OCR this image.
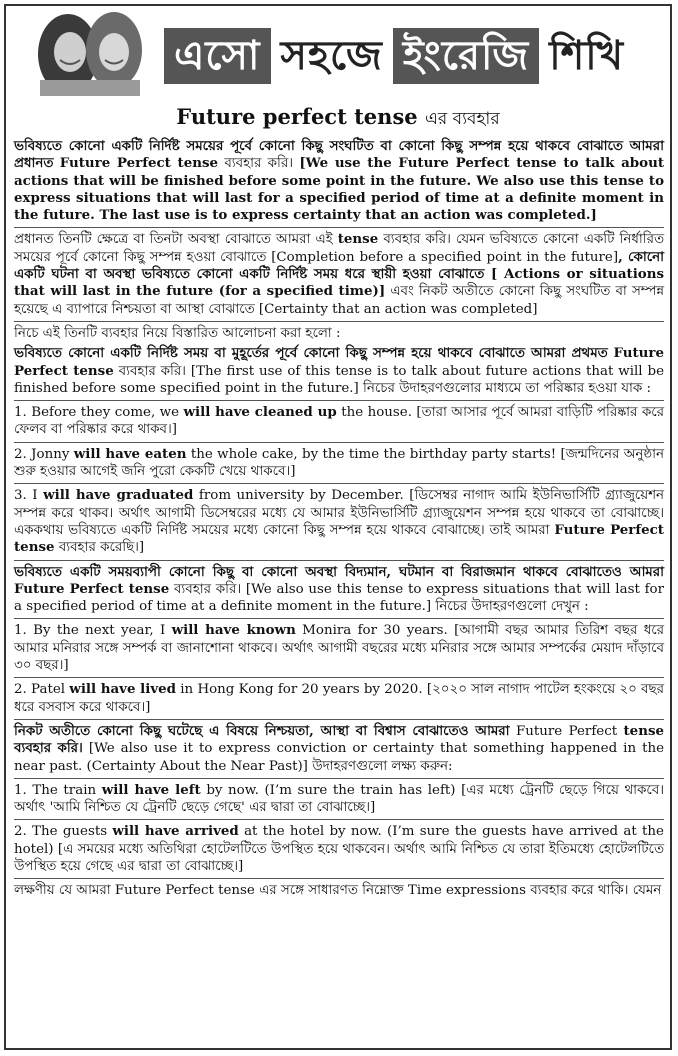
এসো সহজে ইংরেজি শিখি
Future perfect tense এর ব্যবহার

ভবিষ্যতে কোনো একটি নির্দিষ্ট সময়ের পূর্বে কোনো কিছু সংঘটিত বা কোনো কিছু সম্পন্ন হয়ে থাকবে বোঝাতে আমরা প্রধানত Future Perfect tense ব্যবহার করি। [We use the Future Perfect tense to talk about actions that will be finished before some point in the future. We also use this tense to express situations that will last for a specified period of time at a definite moment in the future. The last use is to express certainty that an action was completed.]

প্রধানত তিনটি ক্ষেত্রে বা তিনটা অবস্থা বোঝাতে আমরা এই tense ব্যবহার করি। যেমন ভবিষ্যতে কোনো একটি নির্ধারিত সময়ের পূর্বে কোনো কিছু সম্পন্ন হওয়া বোঝাতে [Completion before a specified point in the future], কোনো একটি ঘটনা বা অবস্থা ভবিষ্যতে কোনো একটি নির্দিষ্ট সময় ধরে স্থায়ী হওয়া বোঝাতে [ Actions or situations that will last in the future (for a specified time)] এবং নিকট অতীতে কোনো কিছু সংঘটিত বা সম্পন্ন হয়েছে এ ব্যাপারে নিশ্চয়তা বা আস্থা বোঝাতে [Certainty that an action was completed]

নিচে এই তিনটি ব্যবহার নিয়ে বিস্তারিত আলোচনা করা হলো :

ভবিষ্যতে কোনো একটি নির্দিষ্ট সময় বা মুহূর্তের পূর্বে কোনো কিছু সম্পন্ন হয়ে থাকবে বোঝাতে আমরা প্রথমত Future Perfect tense ব্যবহার করি। [The first use of this tense is to talk about future actions that will be finished before some specified point in the future.] নিচের উদাহরণগুলোর মাধ্যমে তা পরিষ্কার হওয়া যাক :

1. Before they come, we will have cleaned up the house. [তারা আসার পূর্বে আমরা বাড়িটি পরিষ্কার করে ফেলব বা পরিষ্কার করে থাকব।]

2. Jonny will have eaten the whole cake, by the time the birthday party starts! [জন্মদিনের অনুষ্ঠান শুরু হওয়ার আগেই জনি পুরো কেকটি খেয়ে থাকবে।]

3. I will have graduated from university by December. [ডিসেম্বর নাগাদ আমি ইউনিভার্সিটি গ্র্যাজুয়েশন সম্পন্ন করে থাকব। অর্থাৎ আগামী ডিসেম্বরের মধ্যে যে আমার ইউনিভার্সিটি গ্র্যাজুয়েশন সম্পন্ন হয়ে থাকবে তা বোঝাচ্ছে। এককথায় ভবিষ্যতে একটি নির্দিষ্ট সময়ের মধ্যে কোনো কিছু সম্পন্ন হয়ে থাকবে বোঝাচ্ছে। তাই আমরা Future Perfect tense ব্যবহার করেছি।]

ভবিষ্যতে একটি সময়ব্যাপী কোনো কিছু বা কোনো অবস্থা বিদ্যমান, ঘটমান বা বিরাজমান থাকবে বোঝাতেও আমরা Future Perfect tense ব্যবহার করি। [We also use this tense to express situations that will last for a specified period of time at a definite moment in the future.] নিচের উদাহরণগুলো দেখুন :

1. By the next year, I will have known Monira for 30 years. [আগামী বছর আমার তিরিশ বছর ধরে আমার মনিরার সঙ্গে সম্পর্ক বা জানাশোনা থাকবে। অর্থাৎ আগামী বছরের মধ্যে মনিরার সঙ্গে আমার সম্পর্কের মেয়াদ দাঁড়াবে ৩০ বছর।]

2. Patel will have lived in Hong Kong for 20 years by 2020. [২০২০ সাল নাগাদ পাটেল হংকংয়ে ২০ বছর ধরে বসবাস করে থাকবে।]

নিকট অতীতে কোনো কিছু ঘটেছে এ বিষয়ে নিশ্চয়তা, আস্থা বা বিশ্বাস বোঝাতেও আমরা Future Perfect tense ব্যবহার করি। [We also use it to express conviction or certainty that something happened in the near past. (Certainty About the Near Past)] উদাহরণগুলো লক্ষ্য করুন:

1. The train will have left by now. (I’m sure the train has left) [এর মধ্যে ট্রেনটি ছেড়ে গিয়ে থাকবে। অর্থাৎ 'আমি নিশ্চিত যে ট্রেনটি ছেড়ে গেছে' এর দ্বারা তা বোঝাচ্ছে।]

2. The guests will have arrived at the hotel by now. (I’m sure the guests have arrived at the hotel) [এ সময়ের মধ্যে অতিথিরা হোটেলটিতে উপস্থিত হয়ে থাকবেন। অর্থাৎ আমি নিশ্চিত যে তারা ইতিমধ্যে হোটেলটিতে উপস্থিত হয়ে গেছে এর দ্বারা তা বোঝাচ্ছে।]

লক্ষণীয় যে আমরা Future Perfect tense এর সঙ্গে সাধারণত নিম্নোক্ত Time expressions ব্যবহার করে থাকি। যেমন
